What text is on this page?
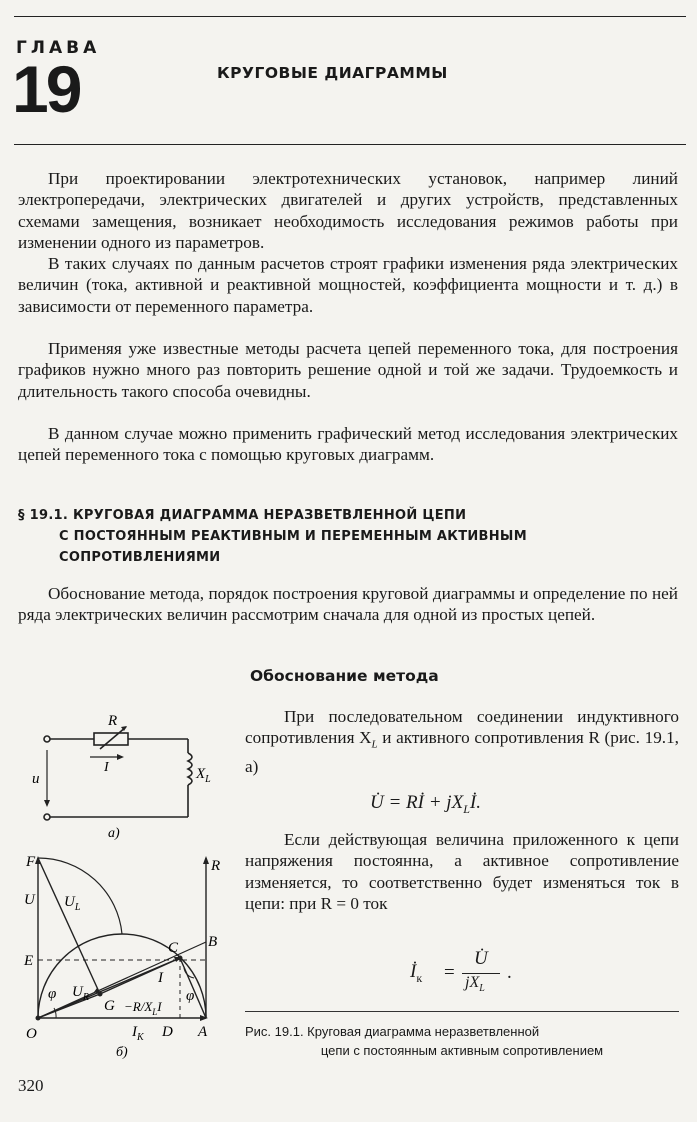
ГЛАВА
19	КРУГОВЫЕ ДИАГРАММЫ

При проектировании электротехнических установок, например линий электропередачи, электрических двигателей и других устройств, представленных схемами замещения, возникает необходимость исследования режимов работы при изменении одного из параметров.

В таких случаях по данным расчетов строят графики изменения ряда электрических величин (тока, активной и реактивной мощностей, коэффициента мощности и т. д.) в зависимости от переменного параметра.

Применяя уже известные методы расчета цепей переменного тока, для построения графиков нужно много раз повторить решение одной и той же задачи. Трудоемкость и длительность такого способа очевидны.

В данном случае можно применить графический метод исследования электрических цепей переменного тока с помощью круговых диаграмм.

§ 19.1. КРУГОВАЯ ДИАГРАММА НЕРАЗВЕТВЛЕННОЙ ЦЕПИ
С ПОСТОЯННЫМ РЕАКТИВНЫМ И ПЕРЕМЕННЫМ АКТИВНЫМ
СОПРОТИВЛЕНИЯМИ

Обоснование метода, порядок построения круговой диаграммы и определение по ней ряда электрических величин рассмотрим сначала для одной из простых цепей.

Обоснование метода

При последовательном соединении индуктивного сопротивления $X_L$ и активного сопротивления R (рис. 19.1, а)

U̇ = Rİ + $jX_Lİ$.

Если действующая величина приложенного к цепи напряжения постоянна, а активное сопротивление изменяется, то соответственно будет изменяться ток в цепи: при R = 0 ток

$İ_к$ =
U̇
$jX_L$
.

Рис. 19.1. Круговая диаграмма неразветвленной
цепи с постоянным активным сопротивлением

R
I
u	$X_L$
а)
F
U $U_L$
E
φ $U_R$
$G -R/X_LI$
I
φ
C B
R
O	$I_K$ D A
б)
320
